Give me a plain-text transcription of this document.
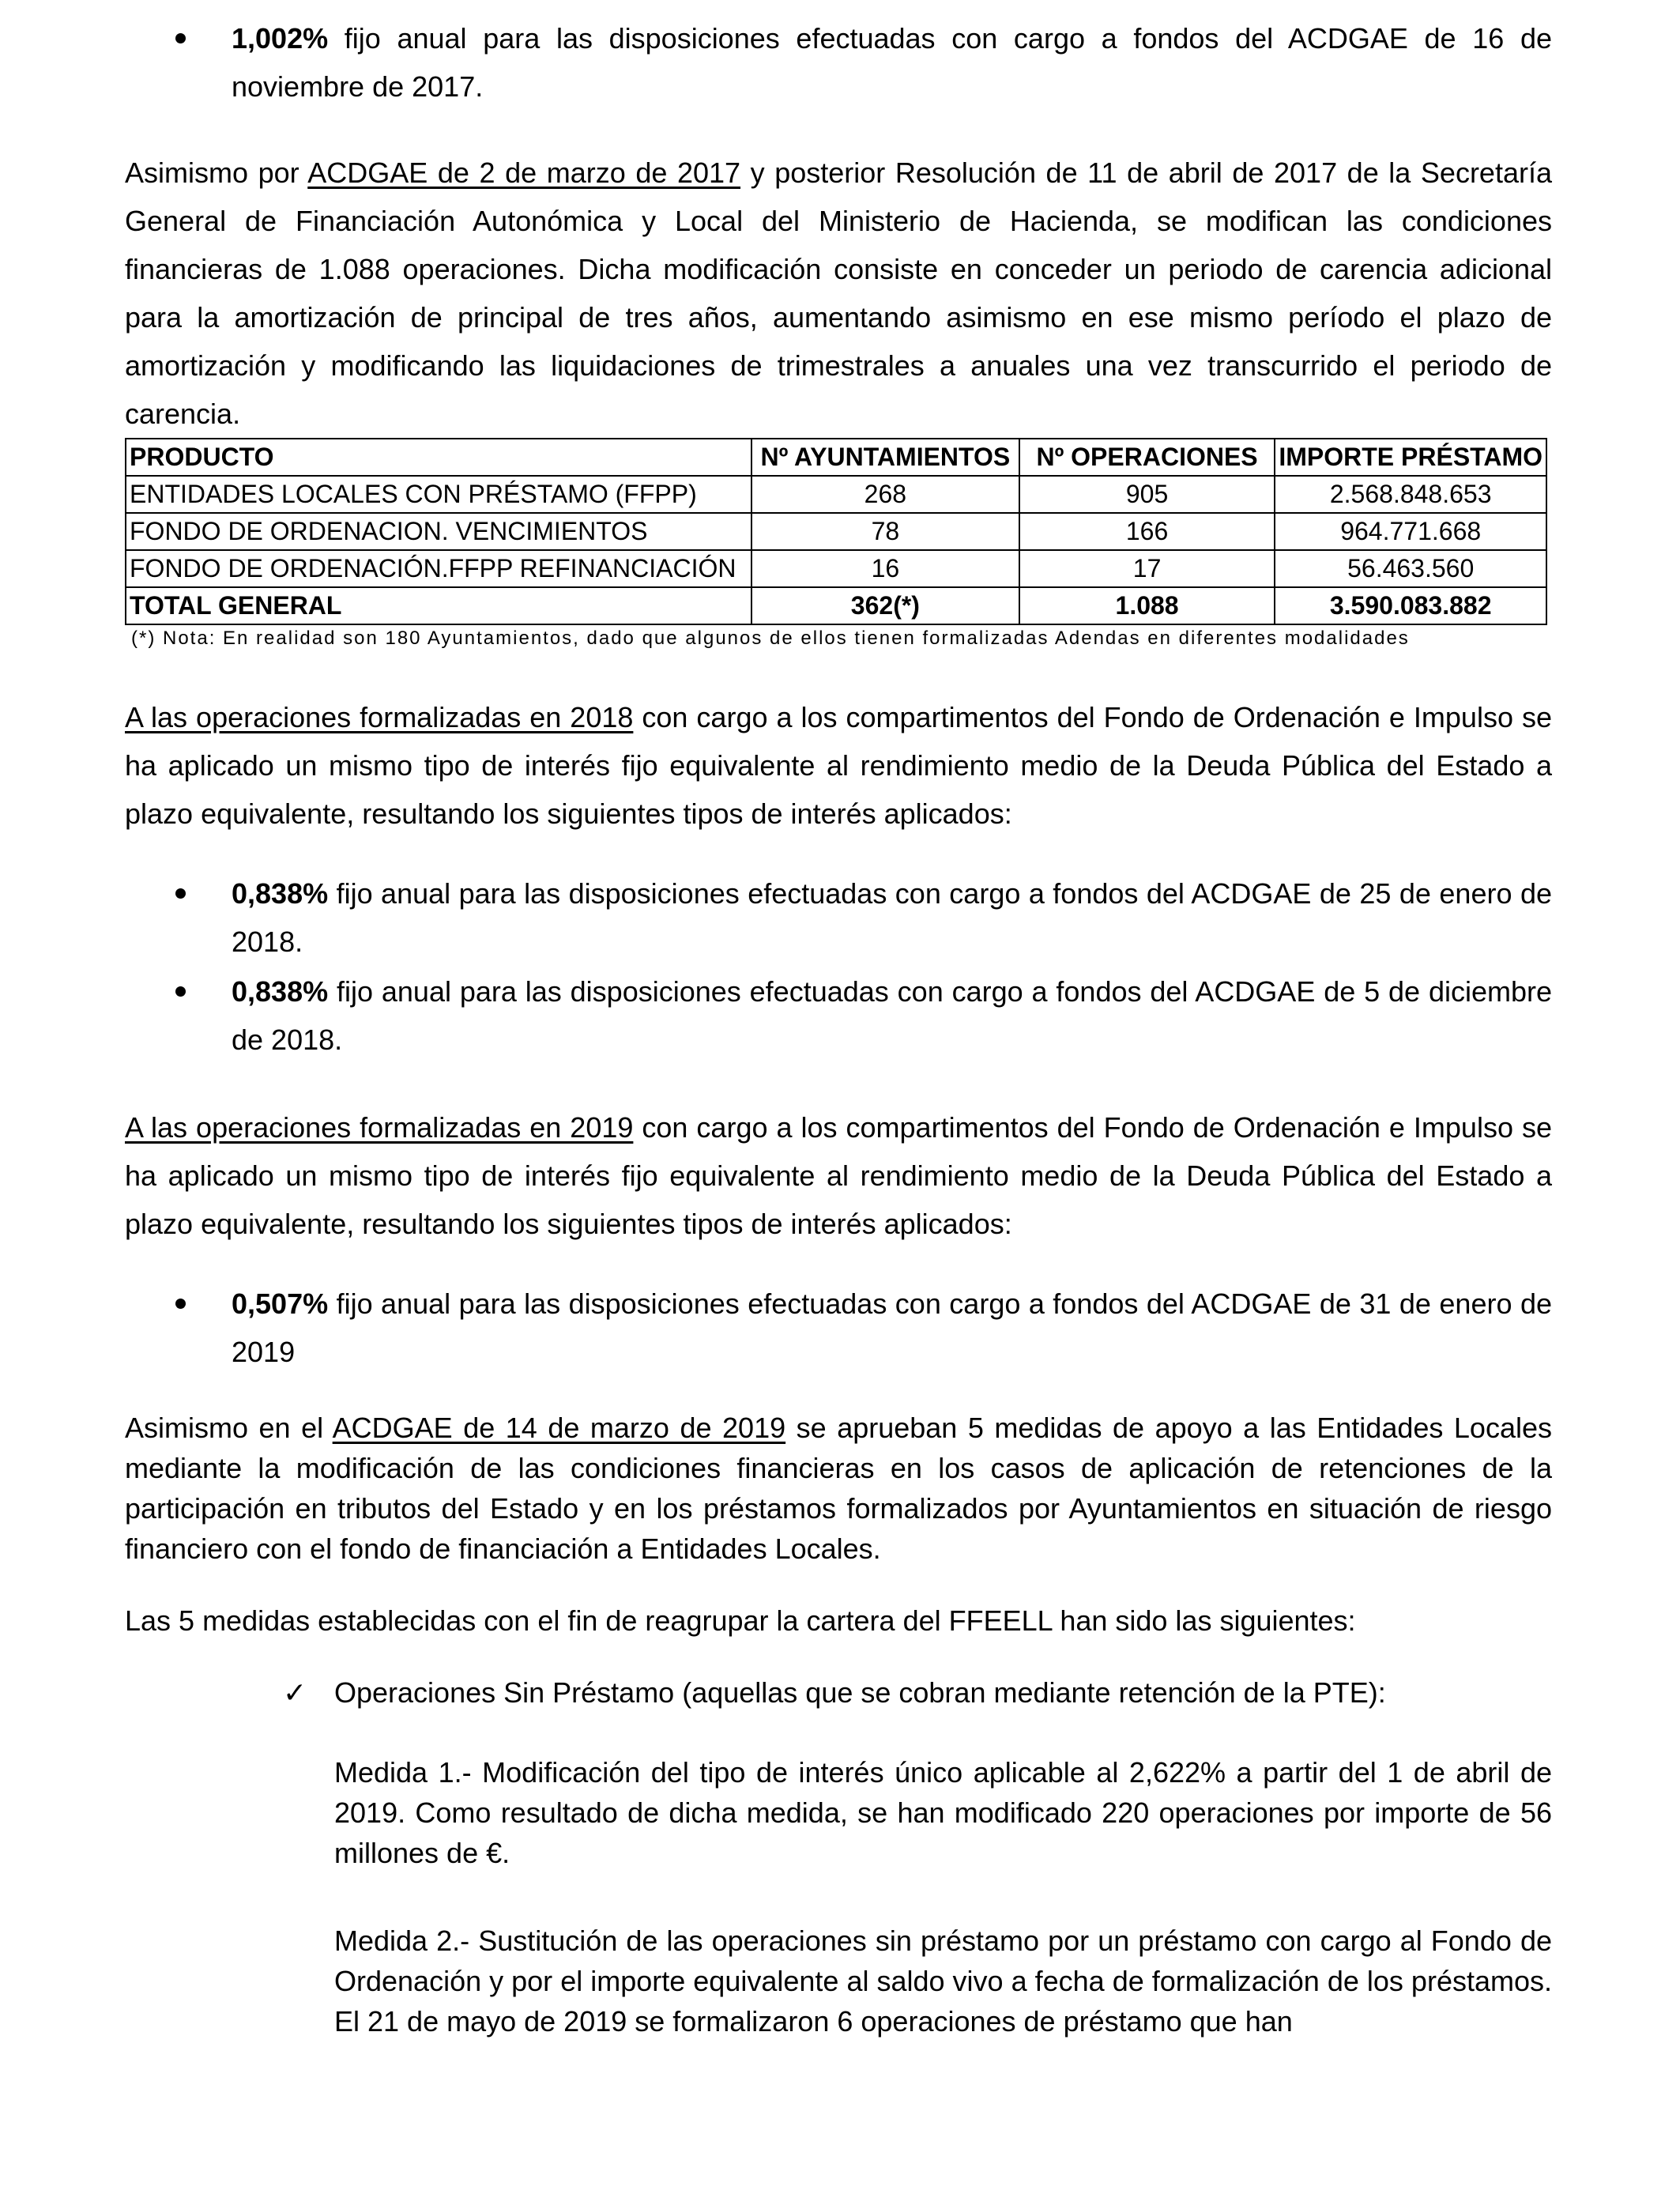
1,002% fijo anual para las disposiciones efectuadas con cargo a fondos del ACDGAE de 16 de noviembre de 2017.

Asimismo por ACDGAE de 2 de marzo de 2017 y posterior Resolución de 11 de abril de 2017 de la Secretaría General de Financiación Autonómica y Local del Ministerio de Hacienda, se modifican las condiciones financieras de 1.088 operaciones. Dicha modificación consiste en conceder un periodo de carencia adicional para la amortización de principal de tres años, aumentando asimismo en ese mismo período el plazo de amortización y modificando las liquidaciones de trimestrales a anuales una vez transcurrido el periodo de carencia.

PRODUCTO	Nº AYUNTAMIENTOS	Nº OPERACIONES	IMPORTE PRÉSTAMO
ENTIDADES LOCALES CON PRÉSTAMO (FFPP)	268	905	2.568.848.653
FONDO DE ORDENACION. VENCIMIENTOS	78	166	964.771.668
FONDO DE ORDENACIÓN.FFPP REFINANCIACIÓN	16	17	56.463.560
TOTAL GENERAL	362(*)	1.088	3.590.083.882

(*) Nota: En realidad son 180 Ayuntamientos, dado que algunos de ellos tienen formalizadas Adendas en diferentes modalidades

A las operaciones formalizadas en 2018 con cargo a los compartimentos del Fondo de Ordenación e Impulso se ha aplicado un mismo tipo de interés fijo equivalente al rendimiento medio de la Deuda Pública del Estado a plazo equivalente, resultando los siguientes tipos de interés aplicados:

0,838% fijo anual para las disposiciones efectuadas con cargo a fondos del ACDGAE de 25 de enero de 2018.
0,838% fijo anual para las disposiciones efectuadas con cargo a fondos del ACDGAE de 5 de diciembre de 2018.

A las operaciones formalizadas en 2019 con cargo a los compartimentos del Fondo de Ordenación e Impulso se ha aplicado un mismo tipo de interés fijo equivalente al rendimiento medio de la Deuda Pública del Estado a plazo equivalente, resultando los siguientes tipos de interés aplicados:

0,507% fijo anual para las disposiciones efectuadas con cargo a fondos del ACDGAE de 31 de enero de 2019

Asimismo en el ACDGAE de 14 de marzo de 2019 se aprueban 5 medidas de apoyo a las Entidades Locales mediante la modificación de las condiciones financieras en los casos de aplicación de retenciones de la participación en tributos del Estado y en los préstamos formalizados por Ayuntamientos en situación de riesgo financiero con el fondo de financiación a Entidades Locales.

Las 5 medidas establecidas con el fin de reagrupar la cartera del FFEELL han sido las siguientes:

✓ Operaciones Sin Préstamo (aquellas que se cobran mediante retención de la PTE):

Medida 1.- Modificación del tipo de interés único aplicable al 2,622% a partir del 1 de abril de 2019. Como resultado de dicha medida, se han modificado 220 operaciones por importe de 56 millones de €.

Medida 2.- Sustitución de las operaciones sin préstamo por un préstamo con cargo al Fondo de Ordenación y por el importe equivalente al saldo vivo a fecha de formalización de los préstamos. El 21 de mayo de 2019 se formalizaron 6 operaciones de préstamo que han
